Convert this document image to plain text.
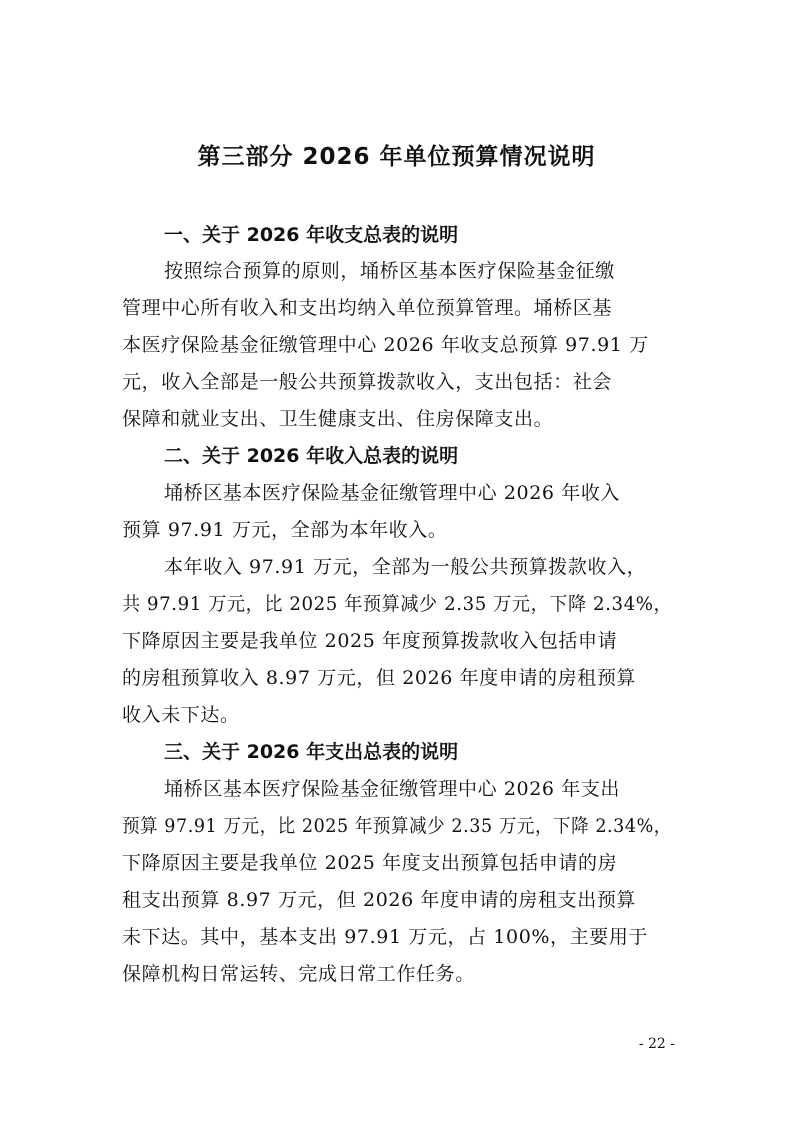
第三部分 2026 年单位预算情况说明
一、关于 2026 年收支总表的说明
按照综合预算的原则，埇桥区基本医疗保险基金征缴
管理中心所有收入和支出均纳入单位预算管理。埇桥区基
本医疗保险基金征缴管理中心 2026 年收支总预算 97.91 万
元，收入全部是一般公共预算拨款收入，支出包括：社会
保障和就业支出、卫生健康支出、住房保障支出。
二、关于 2026 年收入总表的说明
埇桥区基本医疗保险基金征缴管理中心 2026 年收入
预算 97.91 万元，全部为本年收入。
本年收入 97.91 万元，全部为一般公共预算拨款收入，
共 97.91 万元，比 2025 年预算减少 2.35 万元，下降 2.34%，
下降原因主要是我单位 2025 年度预算拨款收入包括申请
的房租预算收入 8.97 万元，但 2026 年度申请的房租预算
收入未下达。
三、关于 2026 年支出总表的说明
埇桥区基本医疗保险基金征缴管理中心 2026 年支出
预算 97.91 万元，比 2025 年预算减少 2.35 万元，下降 2.34%，
下降原因主要是我单位 2025 年度支出预算包括申请的房
租支出预算 8.97 万元，但 2026 年度申请的房租支出预算
未下达。其中，基本支出 97.91 万元，占 100%，主要用于
保障机构日常运转、完成日常工作任务。
- 22 -
